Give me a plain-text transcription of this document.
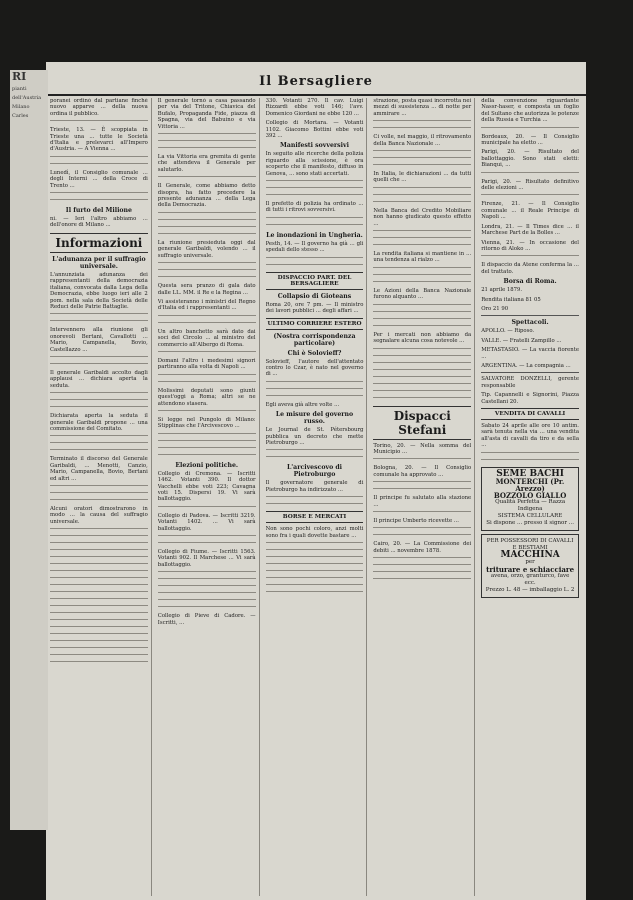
Il Bersagliere

poranei ordinò dal partiane finchè nuovo apparve ... della nuova ordina il pubblico.

Trieste, 13. — È scoppiata in Trieste una ... tutte le Società d'Italia e prelevarci all'Impero d'Austria. — A Vienna ...

Lunedì, il Consiglio comunale ... degli Interni ... della Croce di Trento ...

Il furto del Milione

ni. — Ieri l'altro abbiamo ... dell'onore di Milano ...

Informazioni
L'adunanza per il suffragio universale.

L'annunziata adunanza dei rappresentanti della democrazia italiana, convocata dalla Lega della Democrazia, ebbe luogo ieri alle 2 pom. nella sala della Società delle Reduci delle Patrie Battaglie.

Intervennero alla riunione gli onorevoli Bertani, Cavallotti ... Mario, Campanella, Bovio, Castellazzo ...

Il generale Garibaldi accolto dagli applausi ... dichiara aperta la seduta.

Dichiarata aperta la seduta il generale Garibaldi propone ... una commissione del Comitato.

Terminato il discorso del Generale Garibaldi, ... Menotti, Canzio, Mario, Campanella, Bovio, Bertani ed altri ...

Alcuni oratori dimostrarono in modo ... la causa del suffragio universale.

Il generale tornò a casa passando per via del Tritone, Chiavica del Bufalo, Propaganda Fide, piazza di Spagna, via del Babuino e via Vittoria ...

La via Vittoria era gremita di gente che attendeva il Generale per salutarlo.

Il Generale, come abbiamo detto disopra, ha fatto precedere la presente adunanza ... della Lega della Democrazia.

La riunione presieduta oggi dal generale Garibaldi, volendo ... il suffragio universale.

Questa sera pranzo di gala dato dalle LL. MM. il Re e la Regina ...

Vi assisteranno i ministri del Regno d'Italia ed i rappresentanti ...

Un altro banchetto sarà dato dai soci del Circolo ... al ministro del commercio all'Albergo di Roma.

Domani l'altro i medesimi signori partiranno alla volta di Napoli ...

Molissimi deputati sono giunti quest'oggi a Roma; altri se ne attendono stasera.

Si legge nel Pungolo di Milano: Stipplinas che l'Arcivescovo ...

Elezioni politiche.

Collegio di Cremona. — Iscritti 1462. Votanti 390. Il dottor Vacchelli ebbe voti 223; Cavagna voti 15. Dispersi 19. Vi sarà ballottaggio.

Collegio di Padova. — Iscritti 3219. Votanti 1402. ... Vi sarà ballottaggio.

Collegio di Fiume. — Iscritti 1563. Votanti 902. Il Marchese ... Vi sarà ballottaggio.

Collegio di Pieve di Cadore. — Iscritti, ...

330. Votanti 270. Il cav. Luigi Rizzardi ebbe voti 146; l'avv. Domenico Giordani ne ebbe 120 ...

Collegio di Mortara. — Votanti 1102. Giacomo Bottini ebbe voti 392 ...

Manifesti sovversivi

In seguito alle ricerche della polizia riguardo alla scissione, è ora scoperto che il manifesto, diffuso in Genova, ... sono stati accertati.

Il prefetto di polizia ha ordinato ... di tutti i ritrovi sovversivi.

Le inondazioni in Ungheria.

Pesth, 14. — Il governo ha già ... gli spedali dello stesso ...

DISPACCIO PART. DEL BERSAGLIERE
Collapsio di Gioteans

Roma 20, ore 7 pm. — Il ministro dei lavori pubblici ... degli affari ...

ULTIMO CORRIERE ESTERO
(Nostra corrispondenza particolare)
Chi è Solovieff?

Solovieff, l'autore dell'attentato contro lo Czar, è nato nel governo di ...

Egli aveva già altre volte ...

Le misure del governo russo.

Le Journal de St. Pétersbourg pubblica un decreto che mette Pietroburgo ...

L'arcivescovo di Pietroburgo

Il governatore generale di Pietroburgo ha indirizzato ...

BORSE E MERCATI

Non sono pochi coloro, anzi molti sono fra i quali dovette bastare ...

strazione, posta quasi incorrotta nei mezzi di sussistenza ... di notte per ammirare ...

Ci volle, nel maggio, il ritrovamento della Banca Nazionale ...

In Italia, le dichiarazioni ... da tutti quelli che ...

Nella Banca del Credito Mobiliare non hanno giudicato questo effetto ...

La rendita italiana si mantiene in ... una tendenza al rialzo ...

Le Azioni della Banca Nazionale furono alquanto ...

Per i mercati non abbiamo da segnalare alcuna cosa notevole ...

Dispacci Stefani

Torino, 20. — Nella somma del Municipio ...

Bologna, 20. — Il Consiglio comunale ha approvato ...

Il principe fu salutato alla stazione ...

Il principe Umberto ricevette ...

Cairo, 20. — La Commissione dei debiti ... novembre 1878.

della convenzione riguardante Nassr-haser, e composta un foglio del Sultano che autorizza le potenze della Russia e Turchia ...

Bordeaux, 20. — Il Consiglio municipale ha eletto ...

Parigi, 20. — Risultato del ballottaggio. Sono stati eletti: Bianqui, ...

Parigi, 20. — Risultato definitivo delle elezioni ...

Firenze, 21. — Il Consiglio comunale ... il Reale Principe di Napoli ...

Londra, 21. — Il Times dice ... il Marchese Part de la Bolles ...

Vienna, 21. — In occasione del ritorno di Aloko ...

Il dispaccio da Atene conferma la ... del trattato.

Borsa di Roma.

21 aprile 1879.

Rendita italiana 81 05

Oro 21 90

Spettacoli.

APOLLO. — Riposo.

VALLE. — Fratelli Zampillo ...

METASTASIO. — La vaccia fiorente ...

ARGENTINA. — La compagnia ...

SALVATORE DONZELLI, gerente responsabile

Tip. Capannelli e Signorini, Piazza Castellani 20.

VENDITA DI CAVALLI

Sabato 24 aprile alle ore 10 antim. sarà tenuta nella via ... una vendita all'asta di cavalli da tiro e da sella ...

SEME BACHI
MONTERCHI (Pr. Arezzo)
BOZZOLO GIALLO
Qualità Perfetta — Razza Indigena
SISTEMA CELLULARE
Si dispone ... presso il signor ...
PER POSSESSORI DI CAVALLI E BESTIAMI
MACCHINA
per
triturare e schiacciare
avena, orzo, granturco, fave ecc.
Prezzo L. 48 — imballaggio L. 2

RI

pianti

dell'Austria

Milano

Carles
